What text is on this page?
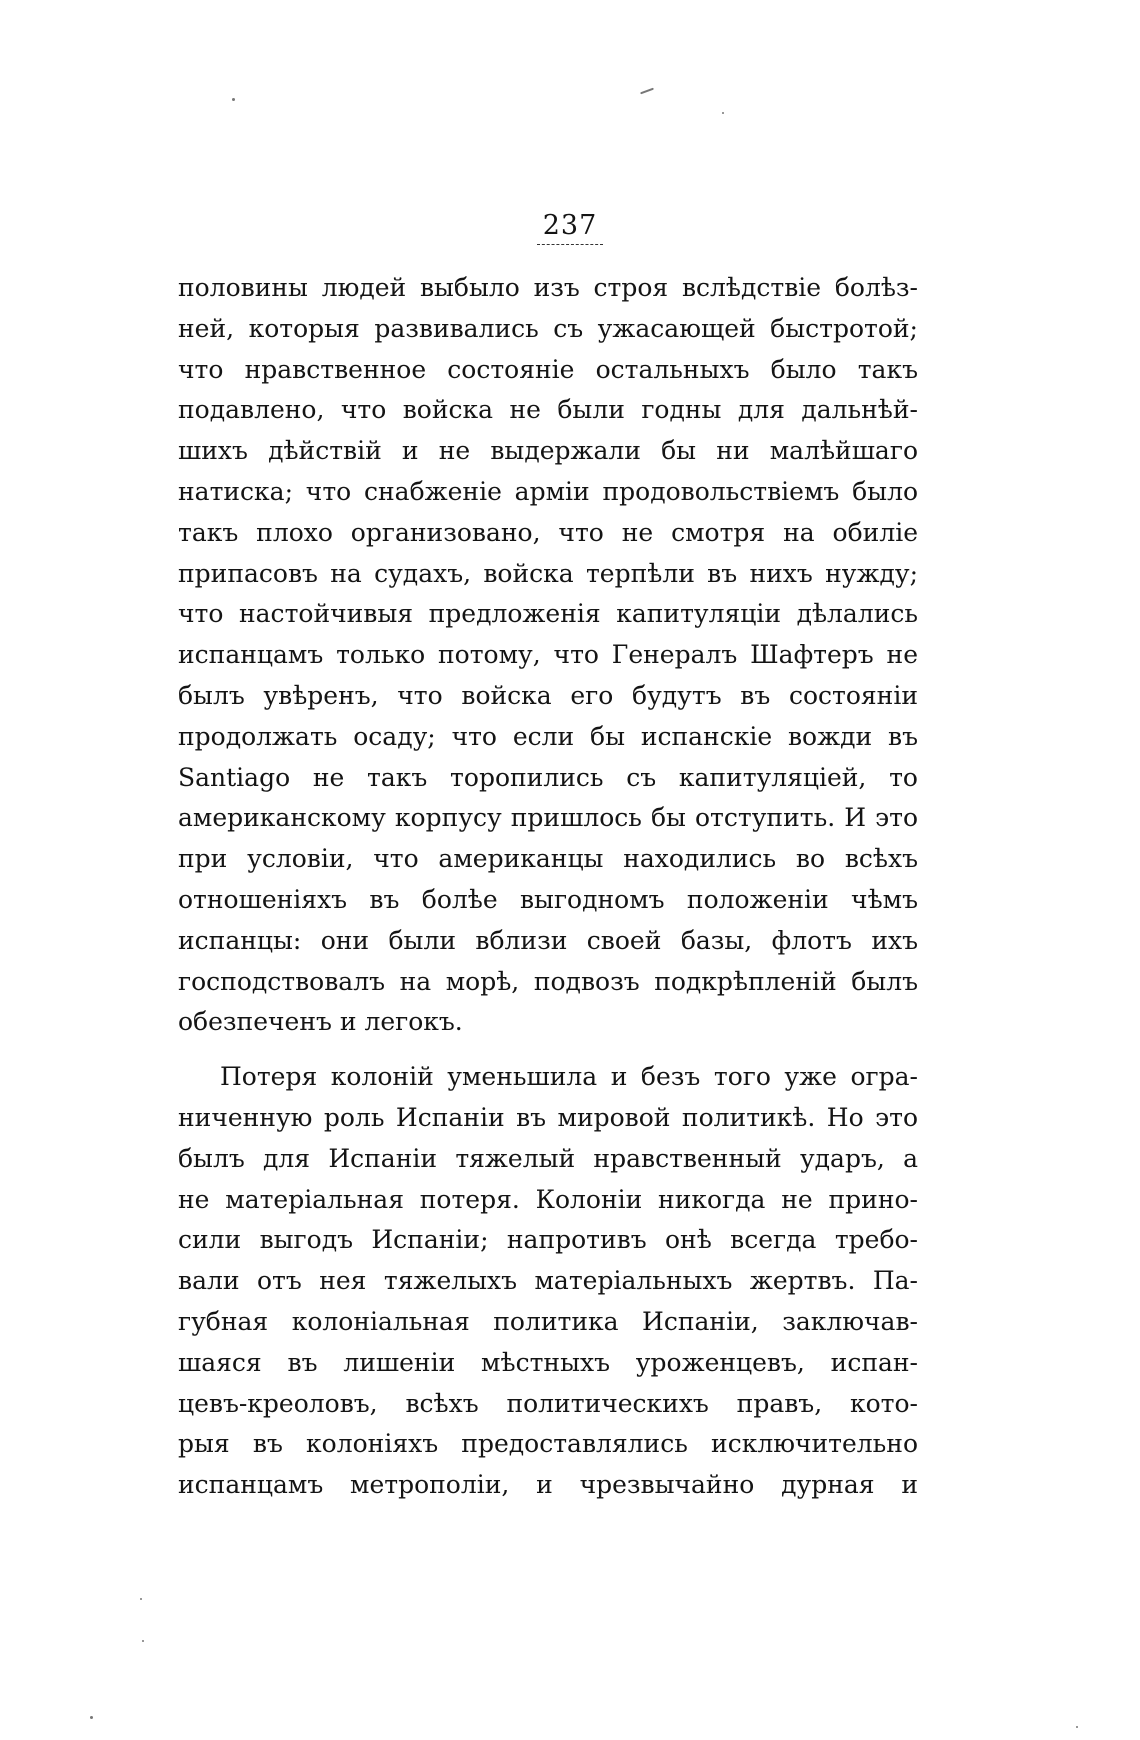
237
половины людей выбыло изъ строя вслѣдствіе болѣз-
ней, которыя развивались съ ужасающей быстротой;
что нравственное состояніе остальныхъ было такъ
подавлено, что войска не были годны для дальнѣй-
шихъ дѣйствій и не выдержали бы ни малѣйшаго
натиска; что снабженіе арміи продовольствіемъ было
такъ плохо организовано, что не смотря на обиліе
припасовъ на судахъ, войска терпѣли въ нихъ нужду;
что настойчивыя предложенія капитуляціи дѣлались
испанцамъ только потому, что Генералъ Шафтеръ не
былъ увѣренъ, что войска его будутъ въ состояніи
продолжать осаду; что если бы испанскіе вожди въ
Santiago не такъ торопились съ капитуляціей, то
американскому корпусу пришлось бы отступить. И это
при условіи, что американцы находились во всѣхъ
отношеніяхъ въ болѣе выгодномъ положеніи чѣмъ
испанцы: они были вблизи своей базы, флотъ ихъ
господствовалъ на морѣ, подвозъ подкрѣпленій былъ
обезпеченъ и легокъ.
Потеря колоній уменьшила и безъ того уже огра-
ниченную роль Испаніи въ мировой политикѣ. Но это
былъ для Испаніи тяжелый нравственный ударъ, а
не матеріальная потеря. Колоніи никогда не прино-
сили выгодъ Испаніи; напротивъ онѣ всегда требо-
вали отъ нея тяжелыхъ матеріальныхъ жертвъ. Па-
губная колоніальная политика Испаніи, заключав-
шаяся въ лишеніи мѣстныхъ уроженцевъ, испан-
цевъ-креоловъ, всѣхъ политическихъ правъ, кото-
рыя въ колоніяхъ предоставлялись исключительно
испанцамъ метрополіи, и чрезвычайно дурная и
